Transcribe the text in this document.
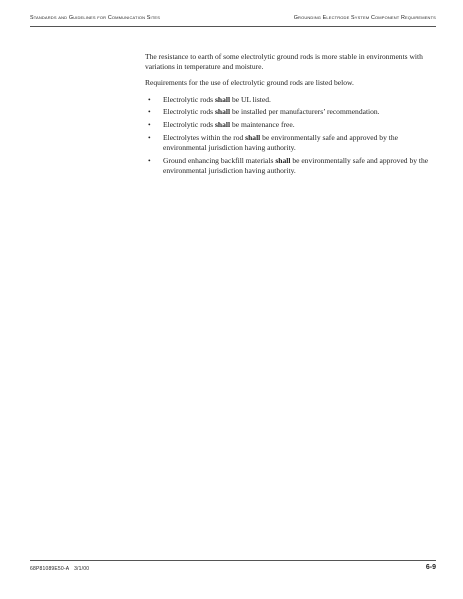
Standards and Guidelines for Communication Sites	Grounding Electrode System Component Requirements

The resistance to earth of some electrolytic ground rods is more stable in environments with variations in temperature and moisture.

Requirements for the use of electrolytic ground rods are listed below.

• Electrolytic rods shall be UL listed.
• Electrolytic rods shall be installed per manufacturers’ recommendation.
• Electrolytic rods shall be maintenance free.
• Electrolytes within the rod shall be environmentally safe and approved by the environmental jurisdiction having authority.
• Ground enhancing backfill materials shall be environmentally safe and approved by the environmental jurisdiction having authority.
68P81089E50-A 3/1/00	6-9
